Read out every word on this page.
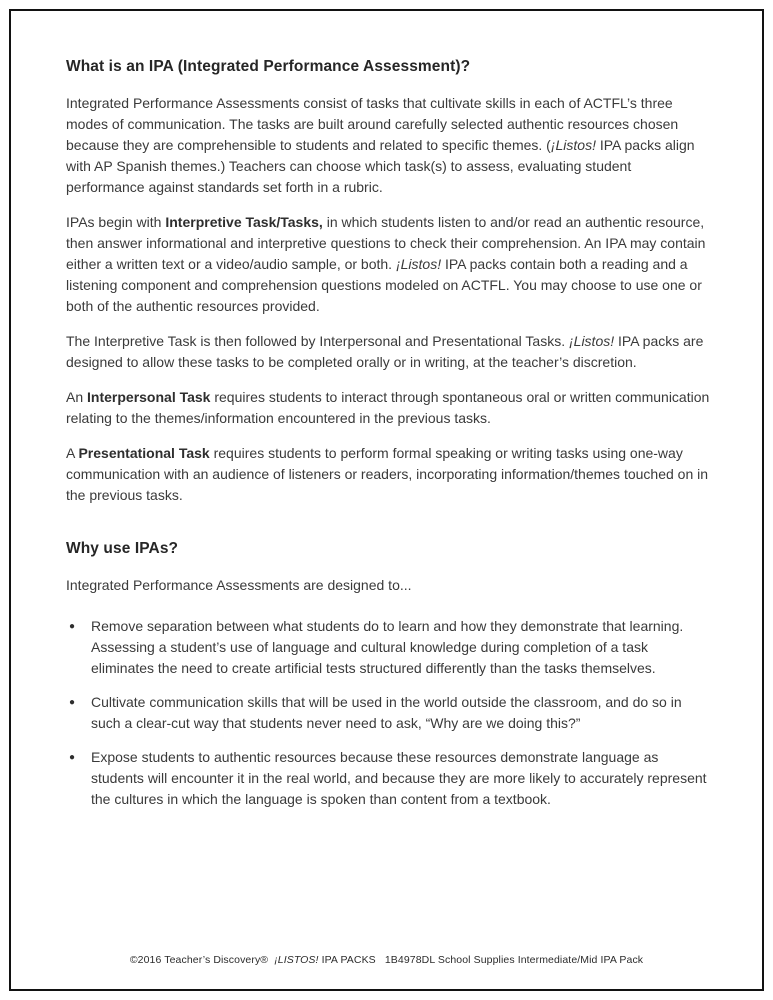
What is an IPA (Integrated Performance Assessment)?

Integrated Performance Assessments consist of tasks that cultivate skills in each of ACTFL’s three modes of communication. The tasks are built around carefully selected authentic resources chosen because they are comprehensible to students and related to specific themes. (¡Listos! IPA packs align with AP Spanish themes.) Teachers can choose which task(s) to assess, evaluating student performance against standards set forth in a rubric.

IPAs begin with Interpretive Task/Tasks, in which students listen to and/or read an authentic resource, then answer informational and interpretive questions to check their comprehension. An IPA may contain either a written text or a video/audio sample, or both. ¡Listos! IPA packs contain both a reading and a listening component and comprehension questions modeled on ACTFL. You may choose to use one or both of the authentic resources provided.

The Interpretive Task is then followed by Interpersonal and Presentational Tasks. ¡Listos! IPA packs are designed to allow these tasks to be completed orally or in writing, at the teacher’s discretion.

An Interpersonal Task requires students to interact through spontaneous oral or written communication relating to the themes/information encountered in the previous tasks.

A Presentational Task requires students to perform formal speaking or writing tasks using one-way communication with an audience of listeners or readers, incorporating information/themes touched on in the previous tasks.

Why use IPAs?

Integrated Performance Assessments are designed to...

●	Remove separation between what students do to learn and how they demonstrate that learning. Assessing a student’s use of language and cultural knowledge during completion of a task eliminates the need to create artificial tests structured differently than the tasks themselves.
●	Cultivate communication skills that will be used in the world outside the classroom, and do so in such a clear-cut way that students never need to ask, “Why are we doing this?”
●	Expose students to authentic resources because these resources demonstrate language as students will encounter it in the real world, and because they are more likely to accurately represent the cultures in which the language is spoken than content from a textbook.
©2016 Teacher’s Discovery®  ¡LISTOS! IPA PACKS   1B4978DL School Supplies Intermediate/Mid IPA Pack
